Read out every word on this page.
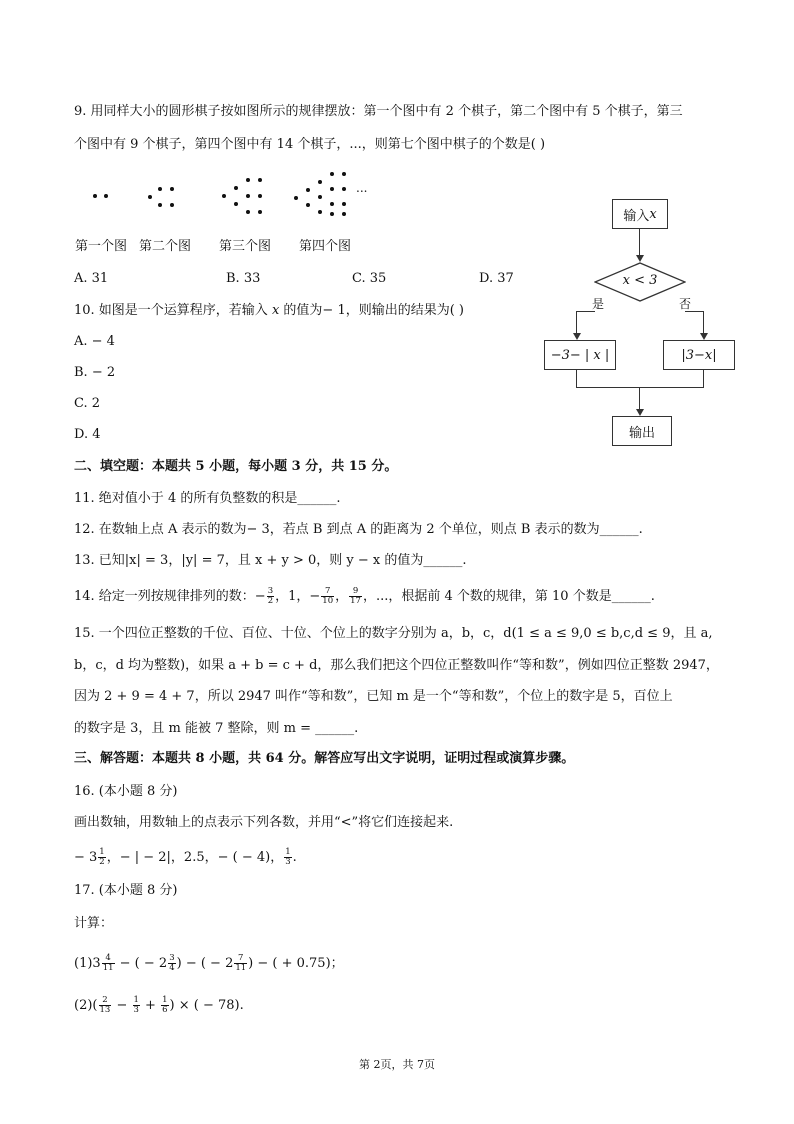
9. 用同样大小的圆形棋子按如图所示的规律摆放：第一个图中有 2 个棋子，第二个图中有 5 个棋子，第三
个图中有 9 个棋子，第四个图中有 14 个棋子，...，则第七个图中棋子的个数是( )
...
第一个图 第二个图 第三个图 第四个图
A. 31	B. 33	C. 35	D. 37
10. 如图是一个运算程序，若输入 x 的值为− 1，则输出的结果为( )
A. − 4
B. − 2
C. 2
D. 4
输入 x
x < 3
是	否
−3− | x |	|3−x|
输出
二、填空题：本题共 5 小题，每小题 3 分，共 15 分。
11. 绝对值小于 4 的所有负整数的积是______.
12. 在数轴上点 A 表示的数为− 3，若点 B 到点 A 的距离为 2 个单位，则点 B 表示的数为______.
13. 已知|x| = 3，|y| = 7，且 x + y > 0，则 y − x 的值为______.
14. 给定一列按规律排列的数：− $\frac{3}{2}$ ，1，− $\frac{7}{10}$ ， $\frac{9}{17}$ ，...，根据前 4 个数的规律，第 10 个数是______.
15. 一个四位正整数的千位、百位、十位、个位上的数字分别为 a，b，c，d(1 ≤ a ≤ 9,0 ≤ b,c,d ≤ 9，且 a,
b，c，d 均为整数)，如果 a + b = c + d，那么我们把这个四位正整数叫作“等和数”，例如四位正整数 2947，
因为 2 + 9 = 4 + 7，所以 2947 叫作“等和数”，已知 m 是一个“等和数”，个位上的数字是 5，百位上
的数字是 3，且 m 能被 7 整除，则 m = ______.
三、解答题：本题共 8 小题，共 64 分。解答应写出文字说明，证明过程或演算步骤。
16. (本小题 8 分)
画出数轴，用数轴上的点表示下列各数，并用“<”将它们连接起来.
− $3 \frac{1}{2}$ ，− | − 2|，2.5，− ( − 4)， $\frac{1}{3}$ .
17. (本小题 8 分)
计算：
$(1)3 \frac{4}{11}$ − ( − $2 \frac{3}{4}$ ) − ( − $2 \frac{7}{11}$ ) − ( + 0.75)；
$(2)( \frac{2}{13} - \frac{1}{3} + \frac{1}{6}$ ) × ( − 78).
第 2页，共 7页
